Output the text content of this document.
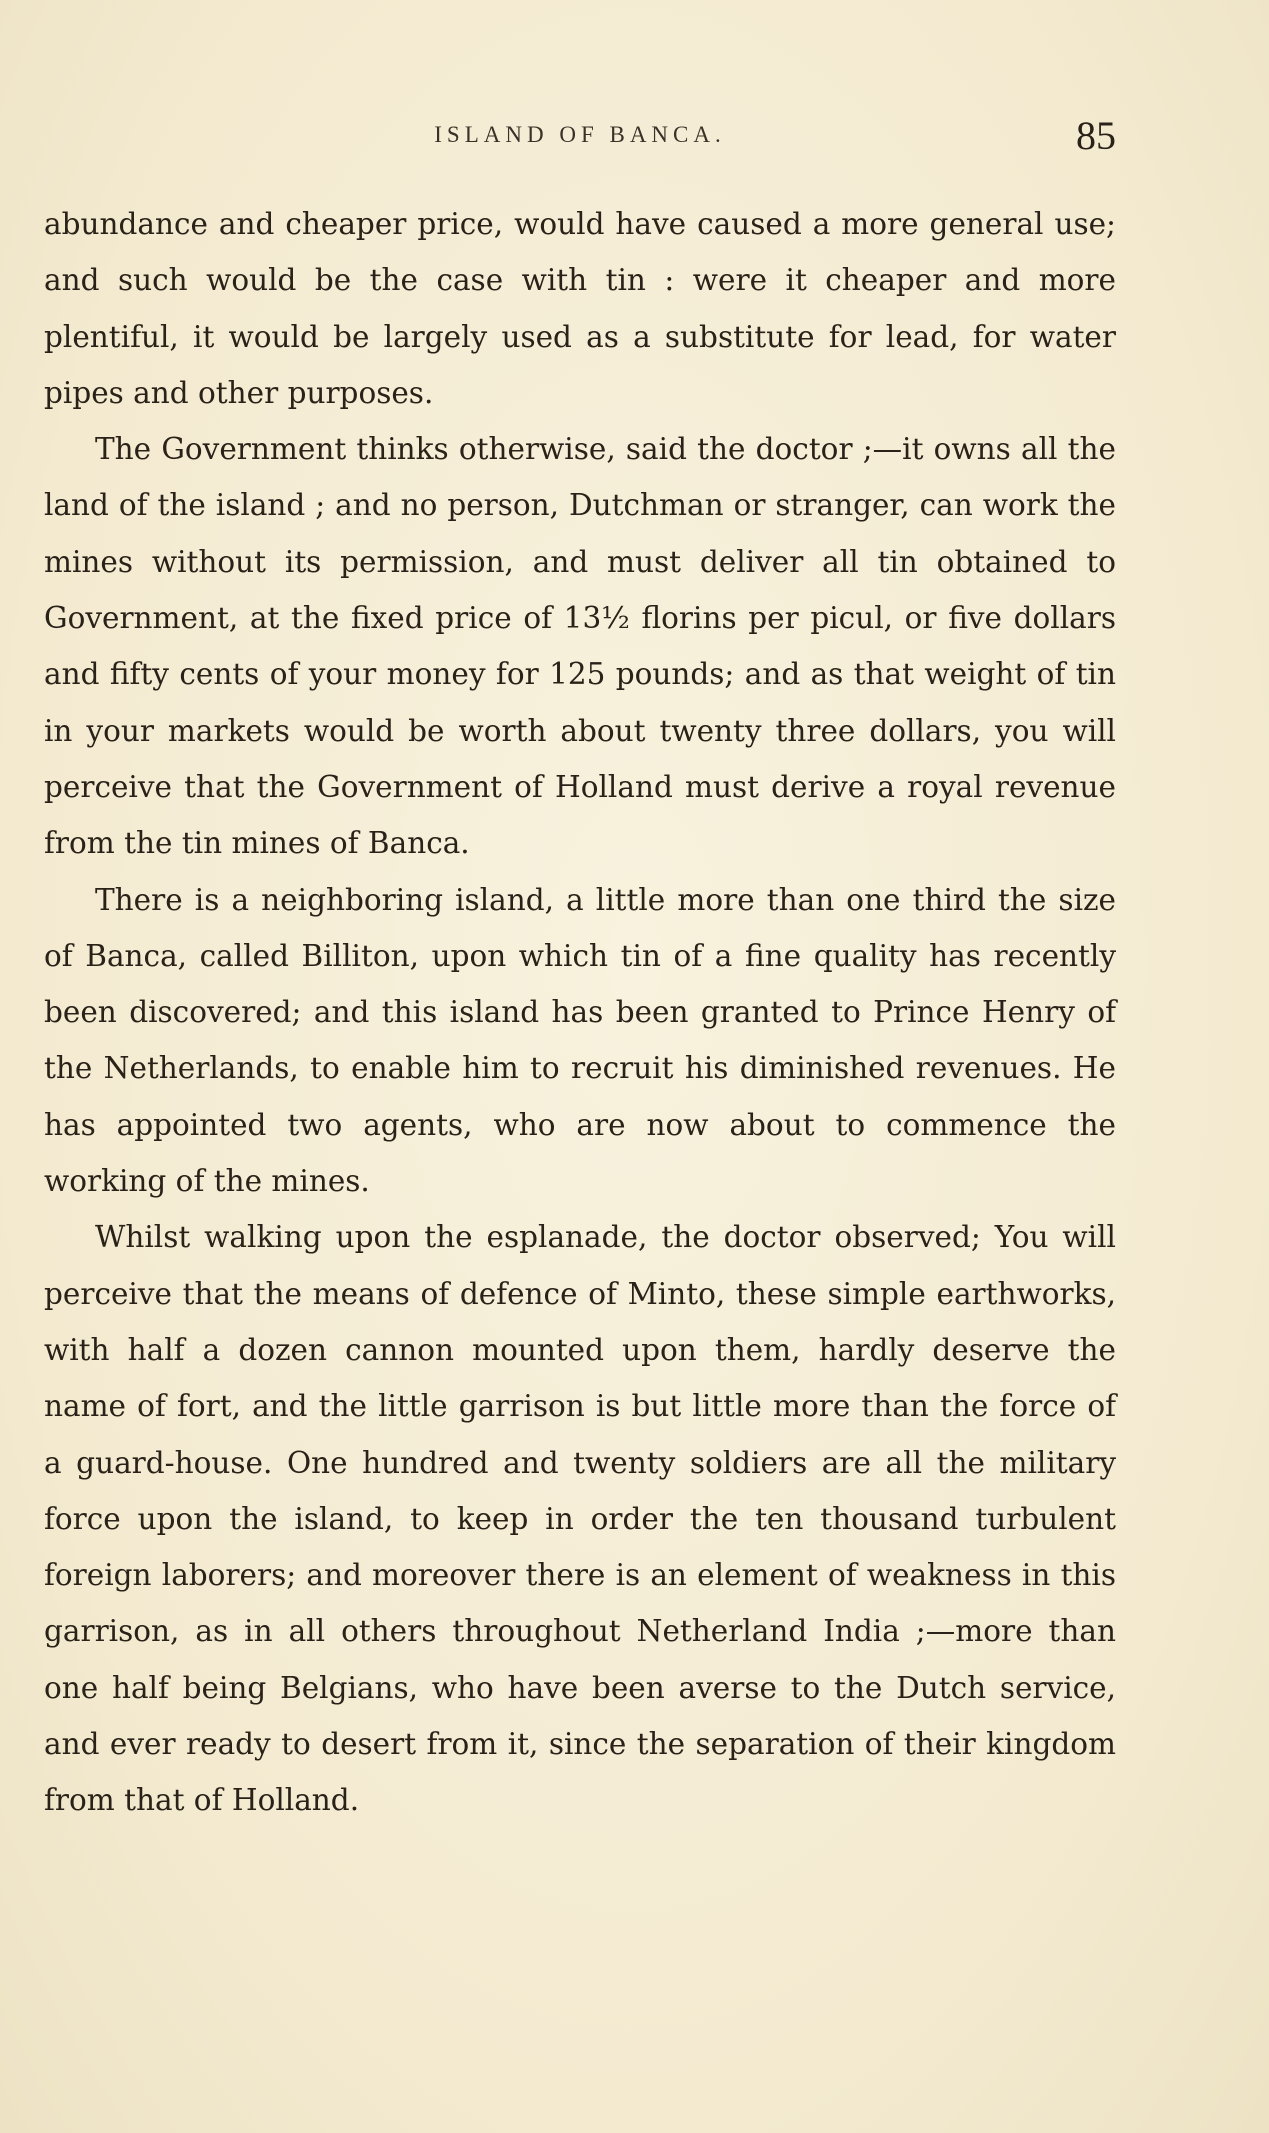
ISLAND OF BANCA.	85

abundance and cheaper price, would have caused a more general use; and such would be the case with tin : were it cheaper and more plentiful, it would be largely used as a substitute for lead, for water pipes and other purposes.

The Government thinks otherwise, said the doctor ;—it owns all the land of the island ; and no person, Dutchman or stranger, can work the mines without its permission, and must deliver all tin obtained to Government, at the fixed price of 13½ florins per picul, or five dollars and fifty cents of your money for 125 pounds; and as that weight of tin in your markets would be worth about twenty three dollars, you will perceive that the Government of Holland must derive a royal revenue from the tin mines of Banca.

There is a neighboring island, a little more than one third the size of Banca, called Billiton, upon which tin of a fine quality has recently been discovered; and this island has been granted to Prince Henry of the Netherlands, to enable him to recruit his diminished revenues. He has appointed two agents, who are now about to commence the working of the mines.

Whilst walking upon the esplanade, the doctor observed; You will perceive that the means of defence of Minto, these simple earthworks, with half a dozen cannon mounted upon them, hardly deserve the name of fort, and the little garrison is but little more than the force of a guard-house. One hundred and twenty soldiers are all the military force upon the island, to keep in order the ten thousand turbulent foreign laborers; and moreover there is an element of weakness in this garrison, as in all others throughout Netherland India ;—more than one half being Belgians, who have been averse to the Dutch service, and ever ready to desert from it, since the separation of their kingdom from that of Holland.
